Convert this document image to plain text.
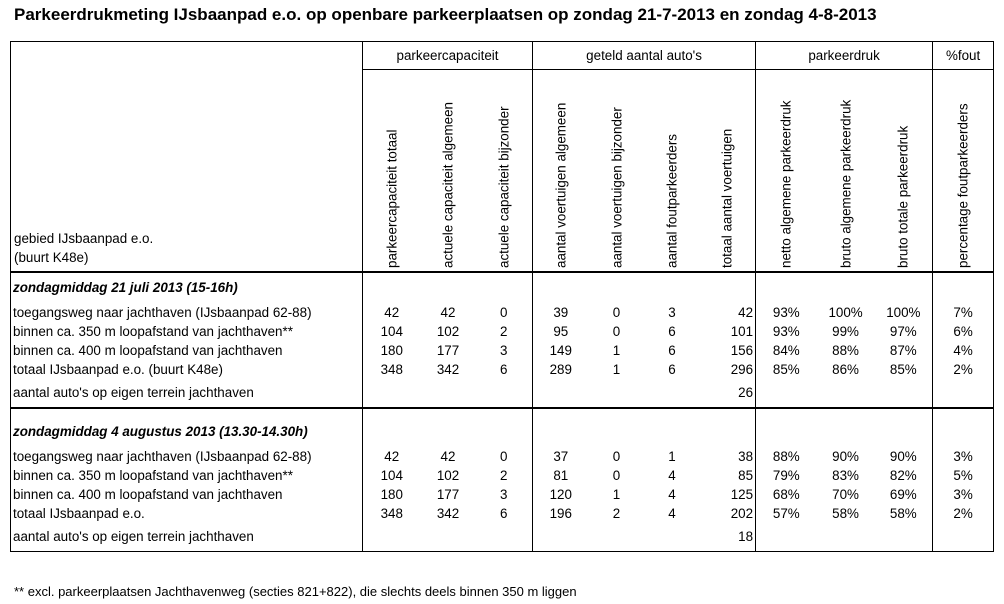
Parkeerdrukmeting IJsbaanpad e.o. op openbare parkeerplaatsen op zondag 21-7-2013 en zondag 4-8-2013
	parkeercapaciteit			geteld aantal auto's				parkeerdruk			%fout

gebied IJsbaanpad e.o.
(buurt K48e)	parkeercapaciteit totaal	actuele capaciteit algemeen	actuele capaciteit bijzonder	aantal voertuigen algemeen	aantal voertuigen bijzonder	aantal foutparkeerders	totaal aantal voertuigen	netto algemene parkeerdruk	bruto algemene parkeerdruk	bruto totale parkeerdruk	percentage foutparkeerders

zondagmiddag 21 juli 2013 (15-16h)											
toegangsweg naar jachthaven (IJsbaanpad 62-88)	42	42	0	39	0	3	42	93%	100%	100%	7%
binnen ca. 350 m loopafstand van jachthaven**	104	102	2	95	0	6	101	93%	99%	97%	6%
binnen ca. 400 m loopafstand van jachthaven	180	177	3	149	1	6	156	84%	88%	87%	4%
totaal IJsbaanpad e.o. (buurt K48e)	348	342	6	289	1	6	296	85%	86%	85%	2%
aantal auto's op eigen terrein jachthaven							26				

zondagmiddag 4 augustus 2013 (13.30-14.30h)											
toegangsweg naar jachthaven (IJsbaanpad 62-88)	42	42	0	37	0	1	38	88%	90%	90%	3%
binnen ca. 350 m loopafstand van jachthaven**	104	102	2	81	0	4	85	79%	83%	82%	5%
binnen ca. 400 m loopafstand van jachthaven	180	177	3	120	1	4	125	68%	70%	69%	3%
totaal IJsbaanpad e.o.	348	342	6	196	2	4	202	57%	58%	58%	2%
aantal auto's op eigen terrein jachthaven							18				
** excl. parkeerplaatsen Jachthavenweg (secties 821+822), die slechts deels binnen 350 m liggen
